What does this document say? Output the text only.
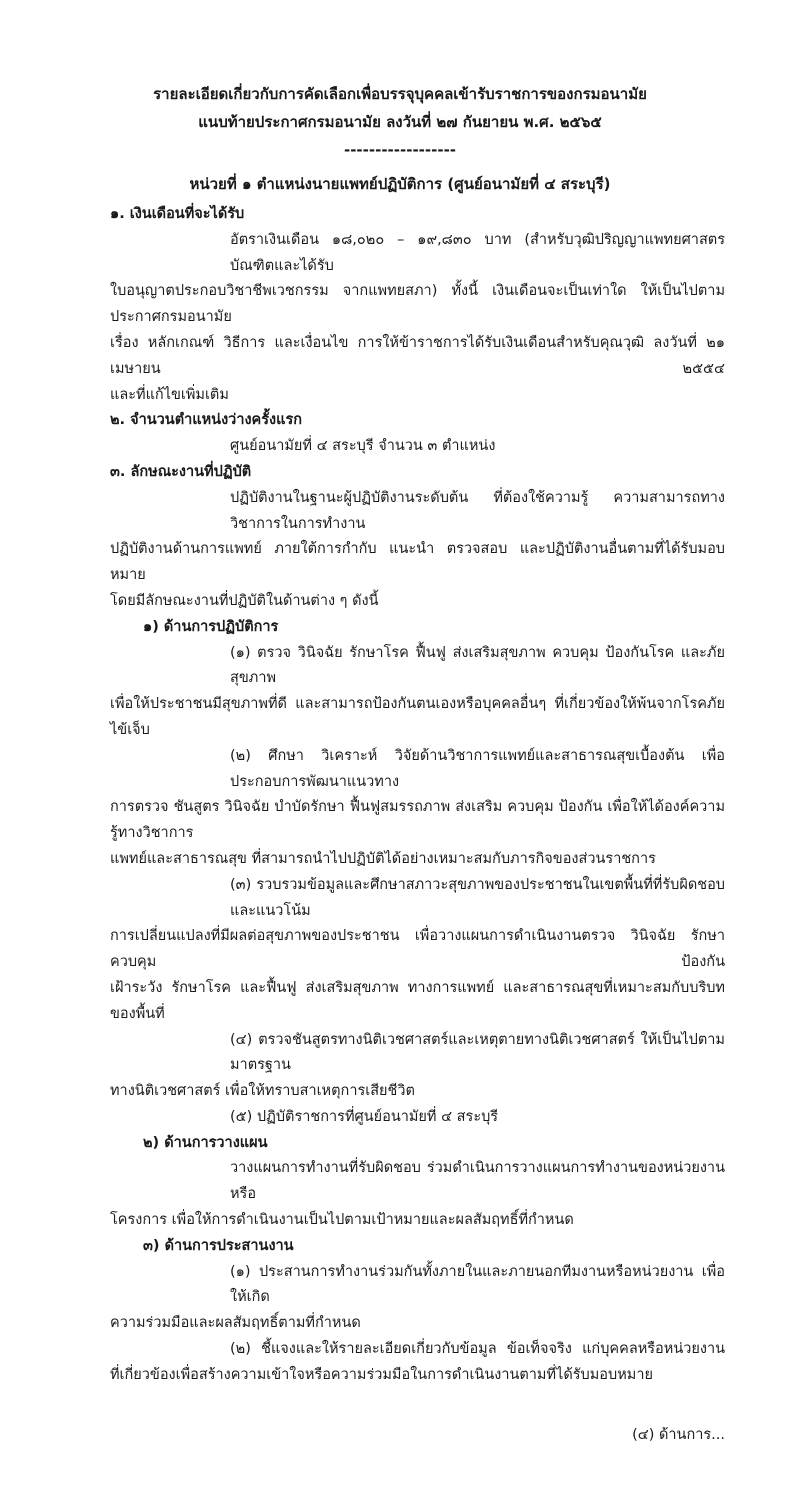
รายละเอียดเกี่ยวกับการคัดเลือกเพื่อบรรจุบุคคลเข้ารับราชการของกรมอนามัย
แนบท้ายประกาศกรมอนามัย ลงวันที่ ๒๗ กันยายน พ.ศ. ๒๕๖๕
------------------
หน่วยที่ ๑ ตำแหน่งนายแพทย์ปฏิบัติการ (ศูนย์อนามัยที่ ๔ สระบุรี)
๑. เงินเดือนที่จะได้รับ
อัตราเงินเดือน ๑๘,๐๒๐ – ๑๙,๘๓๐ บาท (สำหรับวุฒิปริญญาแพทยศาสตรบัณฑิตและได้รับ
ใบอนุญาตประกอบวิชาชีพเวชกรรม จากแพทยสภา) ทั้งนี้ เงินเดือนจะเป็นเท่าใด ให้เป็นไปตามประกาศกรมอนามัย
เรื่อง หลักเกณฑ์ วิธีการ และเงื่อนไข การให้ข้าราชการได้รับเงินเดือนสำหรับคุณวุฒิ ลงวันที่ ๒๑ เมษายน ๒๕๕๔
และที่แก้ไขเพิ่มเติม
๒. จำนวนตำแหน่งว่างครั้งแรก
ศูนย์อนามัยที่ ๔ สระบุรี จำนวน ๓ ตำแหน่ง
๓. ลักษณะงานที่ปฏิบัติ
ปฏิบัติงานในฐานะผู้ปฏิบัติงานระดับต้น ที่ต้องใช้ความรู้ ความสามารถทางวิชาการในการทำงาน
ปฏิบัติงานด้านการแพทย์ ภายใต้การกำกับ แนะนำ ตรวจสอบ และปฏิบัติงานอื่นตามที่ได้รับมอบหมาย
โดยมีลักษณะงานที่ปฏิบัติในด้านต่าง ๆ ดังนี้
๑) ด้านการปฏิบัติการ
(๑) ตรวจ วินิจฉัย รักษาโรค ฟื้นฟู ส่งเสริมสุขภาพ ควบคุม ป้องกันโรค และภัยสุขภาพ
เพื่อให้ประชาชนมีสุขภาพที่ดี และสามารถป้องกันตนเองหรือบุคคลอื่นๆ ที่เกี่ยวข้องให้พ้นจากโรคภัยไข้เจ็บ
(๒) ศึกษา วิเคราะห์ วิจัยด้านวิชาการแพทย์และสาธารณสุขเบื้องต้น เพื่อประกอบการพัฒนาแนวทาง
การตรวจ ชันสูตร วินิจฉัย บำบัดรักษา ฟื้นฟูสมรรถภาพ ส่งเสริม ควบคุม ป้องกัน เพื่อให้ได้องค์ความรู้ทางวิชาการ
แพทย์และสาธารณสุข ที่สามารถนำไปปฏิบัติได้อย่างเหมาะสมกับภารกิจของส่วนราชการ
(๓) รวบรวมข้อมูลและศึกษาสภาวะสุขภาพของประชาชนในเขตพื้นที่ที่รับผิดชอบ และแนวโน้ม
การเปลี่ยนแปลงที่มีผลต่อสุขภาพของประชาชน เพื่อวางแผนการดำเนินงานตรวจ วินิจฉัย รักษา ควบคุม ป้องกัน
เฝ้าระวัง รักษาโรค และฟื้นฟู ส่งเสริมสุขภาพ ทางการแพทย์ และสาธารณสุขที่เหมาะสมกับบริบทของพื้นที่
(๔) ตรวจชันสูตรทางนิติเวชศาสตร์และเหตุตายทางนิติเวชศาสตร์ ให้เป็นไปตามมาตรฐาน
ทางนิติเวชศาสตร์ เพื่อให้ทราบสาเหตุการเสียชีวิต
(๕) ปฏิบัติราชการที่ศูนย์อนามัยที่ ๔ สระบุรี
๒) ด้านการวางแผน
วางแผนการทำงานที่รับผิดชอบ ร่วมดำเนินการวางแผนการทำงานของหน่วยงานหรือ
โครงการ เพื่อให้การดำเนินงานเป็นไปตามเป้าหมายและผลสัมฤทธิ์ที่กำหนด
๓) ด้านการประสานงาน
(๑) ประสานการทำงานร่วมกันทั้งภายในและภายนอกทีมงานหรือหน่วยงาน เพื่อให้เกิด
ความร่วมมือและผลสัมฤทธิ์ตามที่กำหนด
(๒) ชี้แจงและให้รายละเอียดเกี่ยวกับข้อมูล ข้อเท็จจริง แก่บุคคลหรือหน่วยงาน
ที่เกี่ยวข้องเพื่อสร้างความเข้าใจหรือความร่วมมือในการดำเนินงานตามที่ได้รับมอบหมาย
(๔) ด้านการ...
